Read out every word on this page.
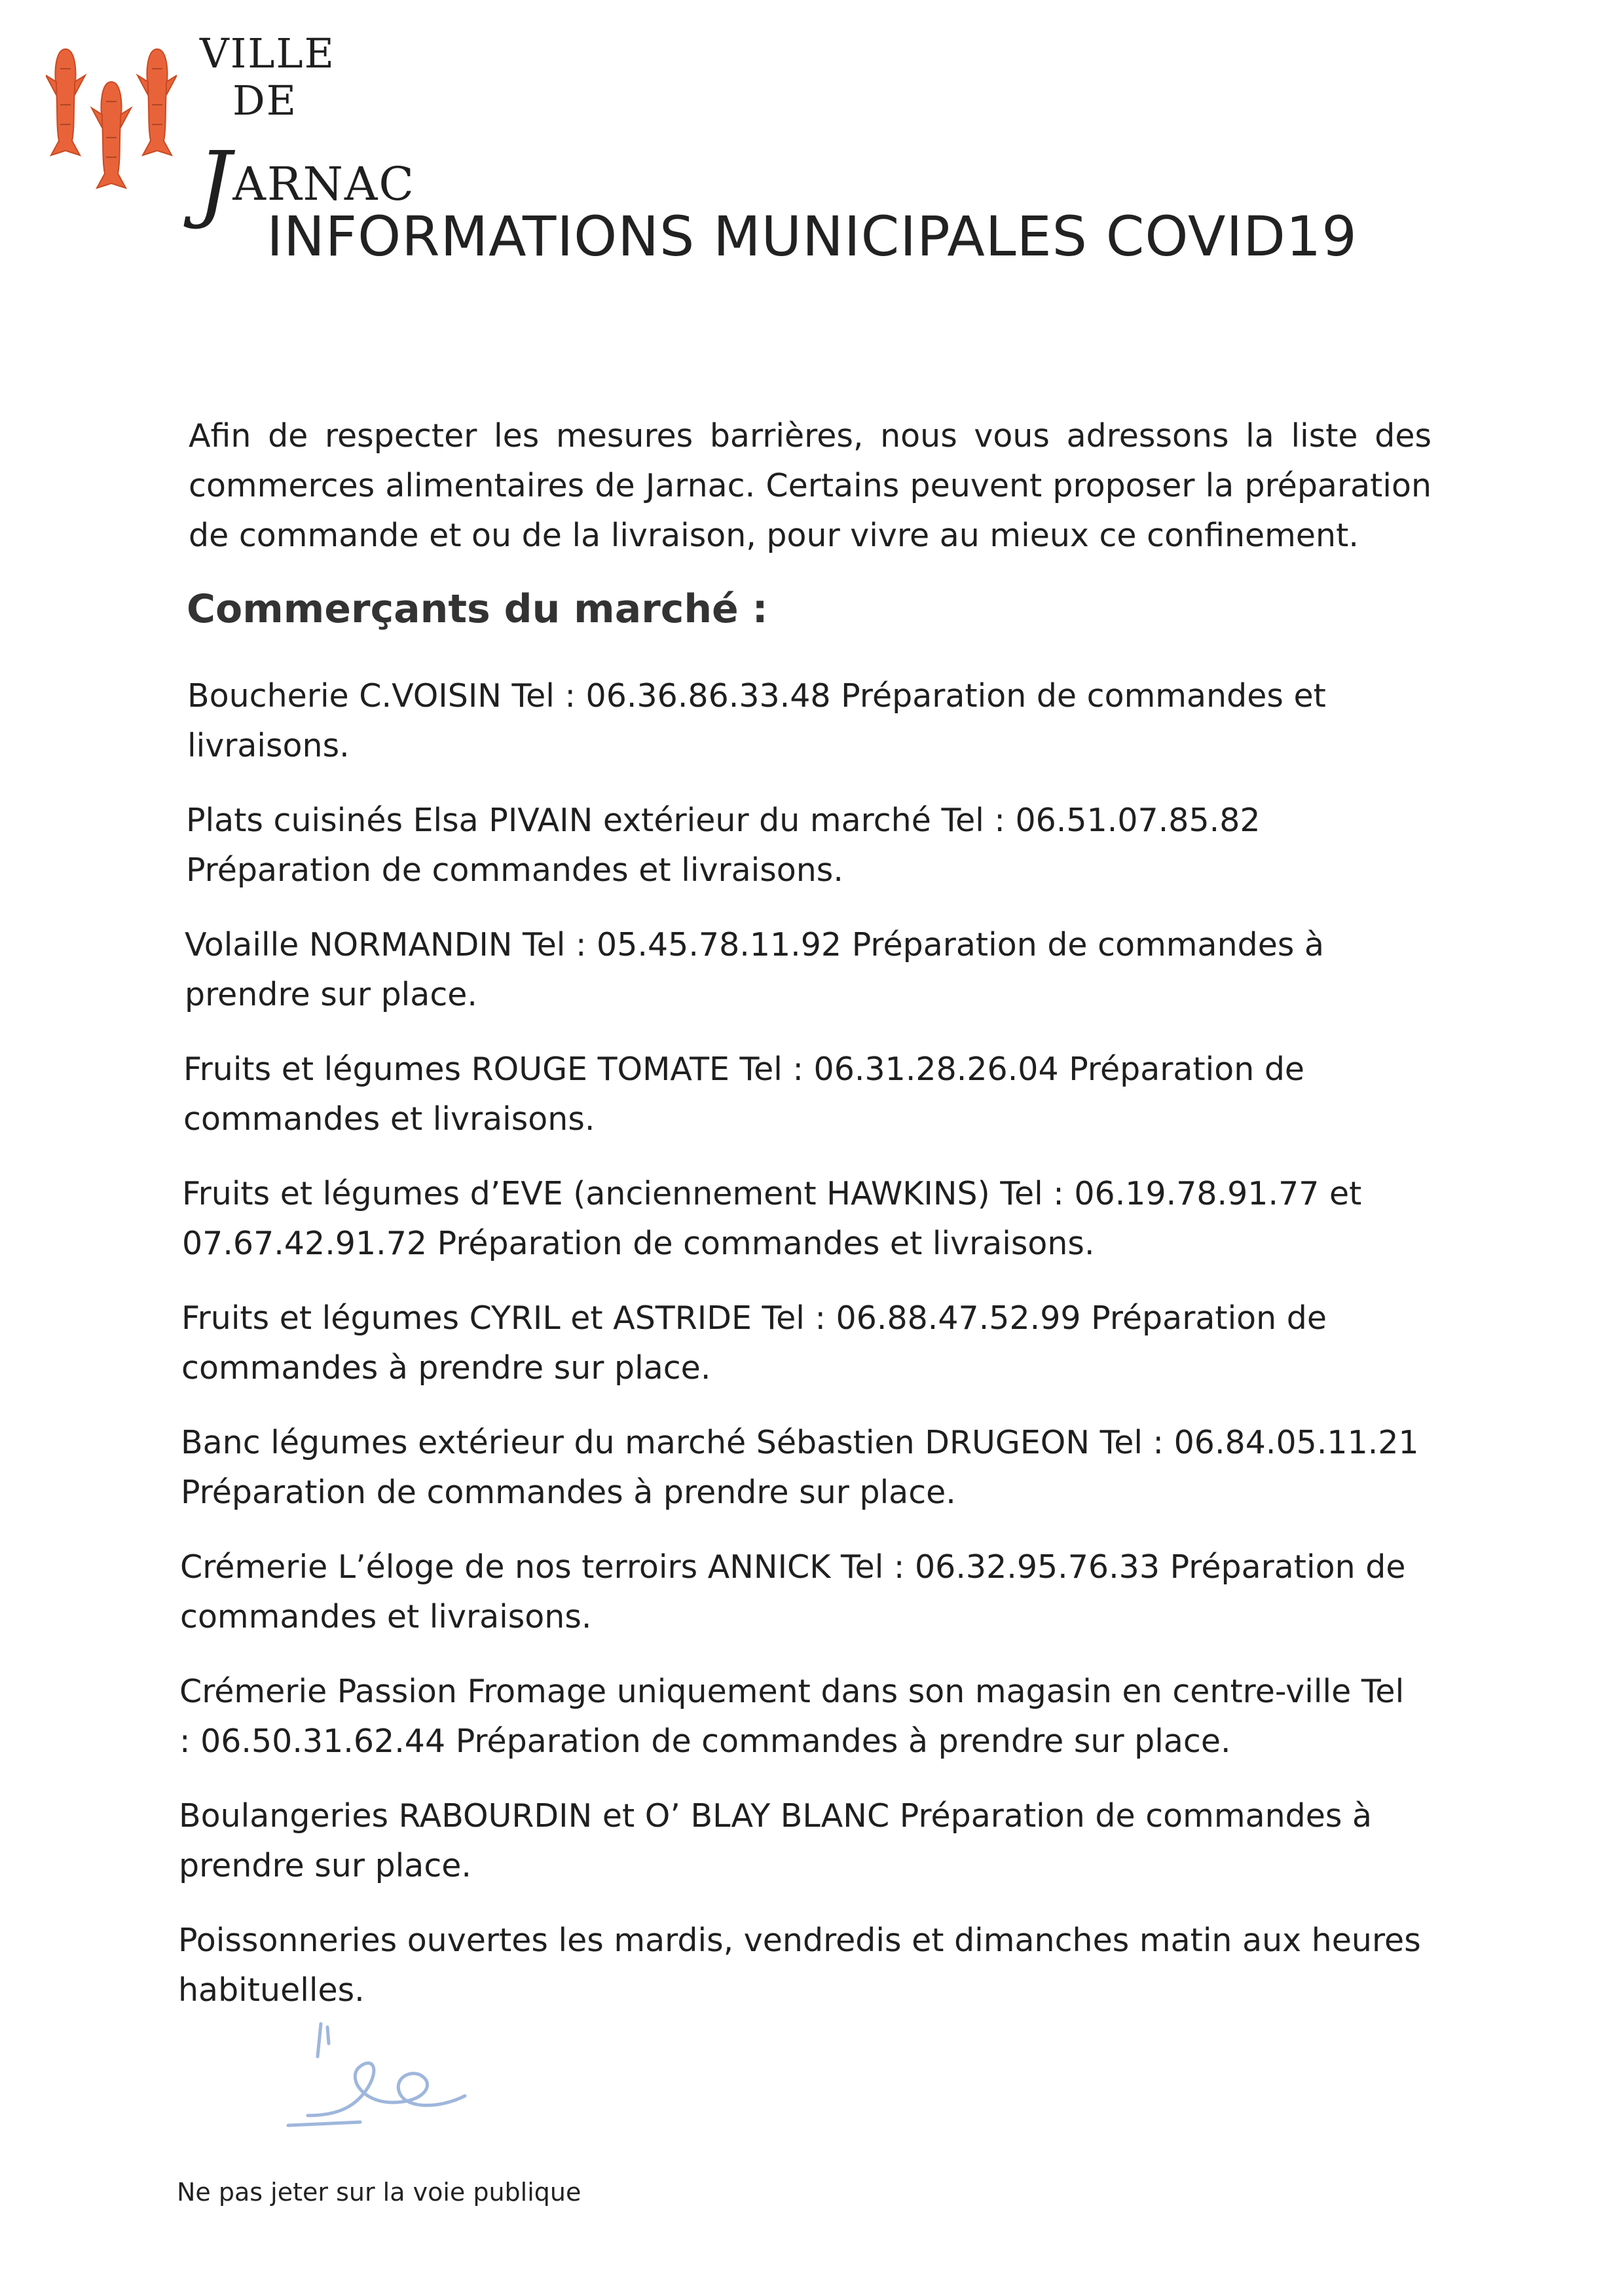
VILLE
DE
JARNAC
INFORMATIONS MUNICIPALES COVID19

Afin de respecter les mesures barrières, nous vous adressons la liste des commerces alimentaires de Jarnac. Certains peuvent proposer la préparation de commande et ou de la livraison, pour vivre au mieux ce confinement.

Commerçants du marché :

Boucherie C.VOISIN Tel : 06.36.86.33.48 Préparation de commandes et livraisons.

Plats cuisinés Elsa PIVAIN extérieur du marché Tel : 06.51.07.85.82 Préparation de commandes et livraisons.

Volaille NORMANDIN Tel : 05.45.78.11.92 Préparation de commandes à prendre sur place.

Fruits et légumes ROUGE TOMATE Tel : 06.31.28.26.04 Préparation de commandes et livraisons.

Fruits et légumes d’EVE (anciennement HAWKINS) Tel : 06.19.78.91.77 et 07.67.42.91.72 Préparation de commandes et livraisons.

Fruits et légumes CYRIL et ASTRIDE Tel : 06.88.47.52.99 Préparation de commandes à prendre sur place.

Banc légumes extérieur du marché Sébastien DRUGEON Tel : 06.84.05.11.21 Préparation de commandes à prendre sur place.

Crémerie L’éloge de nos terroirs ANNICK Tel : 06.32.95.76.33 Préparation de commandes et livraisons.

Crémerie Passion Fromage uniquement dans son magasin en centre-ville Tel : 06.50.31.62.44 Préparation de commandes à prendre sur place.

Boulangeries RABOURDIN et O’ BLAY BLANC Préparation de commandes à prendre sur place.

Poissonneries ouvertes les mardis, vendredis et dimanches matin aux heures habituelles.

Ne pas jeter sur la voie publique
